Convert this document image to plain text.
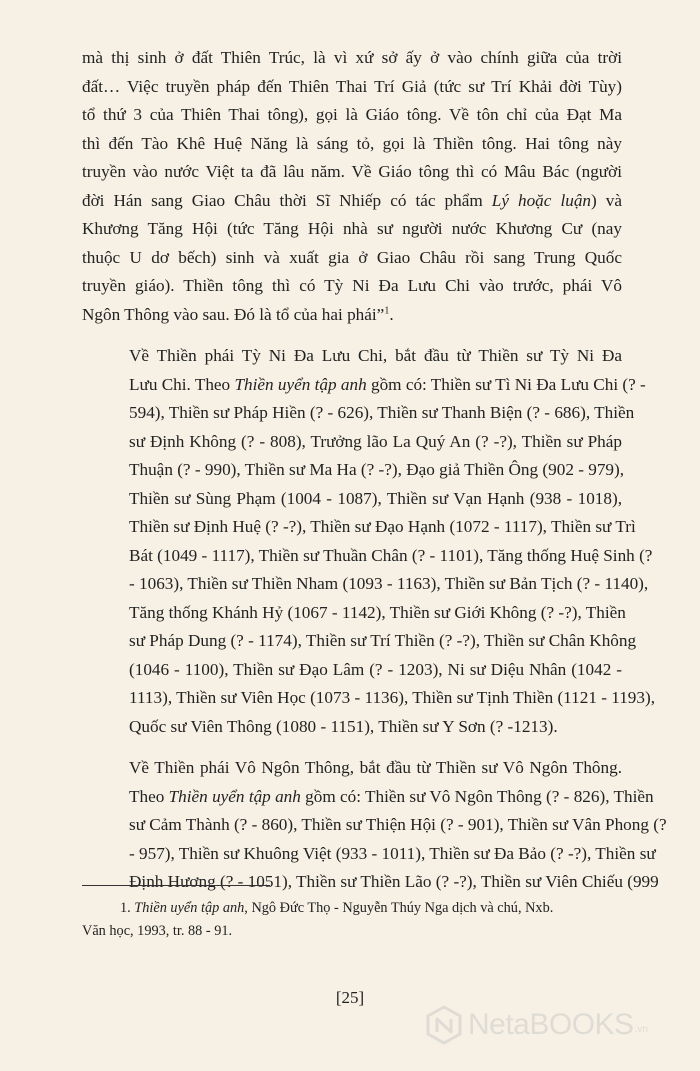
mà thị sinh ở đất Thiên Trúc, là vì xứ sở ấy ở vào chính giữa của trời
đất… Việc truyền pháp đến Thiên Thai Trí Giả (tức sư Trí Khải đời Tùy)
tổ thứ 3 của Thiên Thai tông), gọi là Giáo tông. Về tôn chỉ của Đạt Ma
thì đến Tào Khê Huệ Năng là sáng tỏ, gọi là Thiền tông. Hai tông này
truyền vào nước Việt ta đã lâu năm. Về Giáo tông thì có Mâu Bác (người
đời Hán sang Giao Châu thời Sĩ Nhiếp có tác phẩm Lý hoặc luận) và
Khương Tăng Hội (tức Tăng Hội nhà sư người nước Khương Cư (nay
thuộc U dơ bếch) sinh và xuất gia ở Giao Châu rồi sang Trung Quốc
truyền giáo). Thiền tông thì có Tỳ Ni Đa Lưu Chi vào trước, phái Vô
Ngôn Thông vào sau. Đó là tổ của hai phái”$^1$.

Về Thiền phái Tỳ Ni Đa Lưu Chi, bắt đầu từ Thiền sư Tỳ Ni Đa
Lưu Chi. Theo Thiền uyển tập anh gồm có: Thiền sư Tì Ni Đa Lưu Chi (? -
594), Thiền sư Pháp Hiền (? - 626), Thiền sư Thanh Biện (? - 686), Thiền
sư Định Không (? - 808), Trưởng lão La Quý An (? -?), Thiền sư Pháp
Thuận (? - 990), Thiền sư Ma Ha (? -?), Đạo giả Thiền Ông (902 - 979),
Thiền sư Sùng Phạm (1004 - 1087), Thiền sư Vạn Hạnh (938 - 1018),
Thiền sư Định Huệ (? -?), Thiền sư Đạo Hạnh (1072 - 1117), Thiền sư Trì
Bát (1049 - 1117), Thiền sư Thuần Chân (? - 1101), Tăng thống Huệ Sinh (?
- 1063), Thiền sư Thiền Nham (1093 - 1163), Thiền sư Bản Tịch (? - 1140),
Tăng thống Khánh Hỷ (1067 - 1142), Thiền sư Giới Không (? -?), Thiền
sư Pháp Dung (? - 1174), Thiền sư Trí Thiền (? -?), Thiền sư Chân Không
(1046 - 1100), Thiền sư Đạo Lâm (? - 1203), Ni sư Diệu Nhân (1042 -
1113), Thiền sư Viên Học (1073 - 1136), Thiền sư Tịnh Thiền (1121 - 1193),
Quốc sư Viên Thông (1080 - 1151), Thiền sư Y Sơn (? -1213).

Về Thiền phái Vô Ngôn Thông, bắt đầu từ Thiền sư Vô Ngôn Thông.
Theo Thiền uyển tập anh gồm có: Thiền sư Vô Ngôn Thông (? - 826), Thiền
sư Cảm Thành (? - 860), Thiền sư Thiện Hội (? - 901), Thiền sư Vân Phong (?
- 957), Thiền sư Khuông Việt (933 - 1011), Thiền sư Đa Bảo (? -?), Thiền sư
Định Hương (? - 1051), Thiền sư Thiền Lão (? -?), Thiền sư Viên Chiếu (999

1. Thiền uyển tập anh, Ngô Đức Thọ - Nguyễn Thúy Nga dịch và chú, Nxb.
Văn học, 1993, tr. 88 - 91.
[25]
NetaBOOKS .vn
